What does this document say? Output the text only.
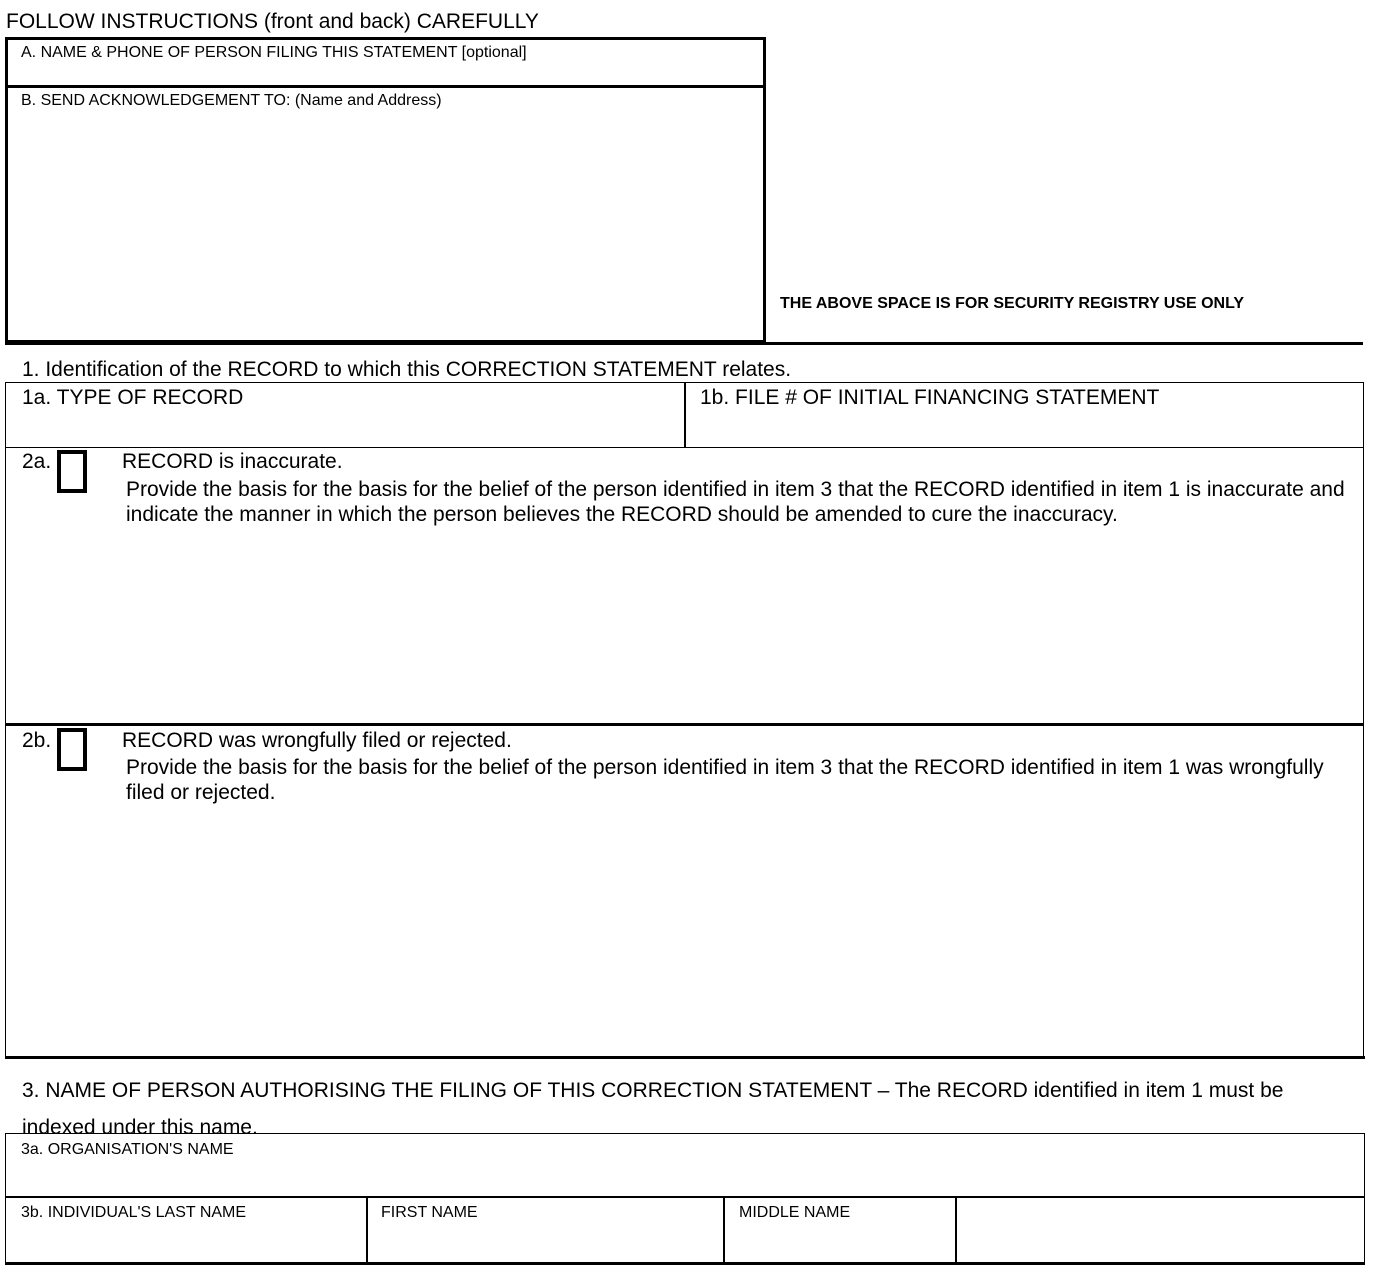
FOLLOW INSTRUCTIONS (front and back) CAREFULLY
A. NAME & PHONE OF PERSON FILING THIS STATEMENT [optional]
B. SEND ACKNOWLEDGEMENT TO: (Name and Address)
THE ABOVE SPACE IS FOR SECURITY REGISTRY USE ONLY
1. Identification of the RECORD to which this CORRECTION STATEMENT relates.
1a. TYPE OF RECORD	1b. FILE # OF INITIAL FINANCING STATEMENT
2a.	RECORD is inaccurate.
Provide the basis for the basis for the belief of the person identified in item 3 that the RECORD identified in item 1 is inaccurate and indicate the manner in which the person believes the RECORD should be amended to cure the inaccuracy.
2b.	RECORD was wrongfully filed or rejected.
Provide the basis for the basis for the belief of the person identified in item 3 that the RECORD identified in item 1 was wrongfully filed or rejected.
3. NAME OF PERSON AUTHORISING THE FILING OF THIS CORRECTION STATEMENT – The RECORD identified in item 1 must be indexed under this name.
3a. ORGANISATION'S NAME
3b. INDIVIDUAL'S LAST NAME	FIRST NAME	MIDDLE NAME
